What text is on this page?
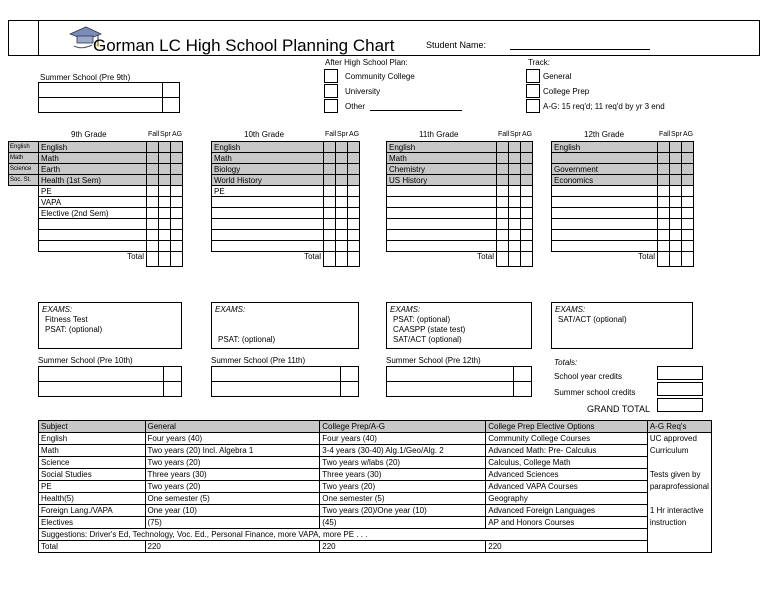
Gorman LC High School Planning Chart	Student Name:
After High School Plan:
Community College
University
Other
Track:
General
College Prep
A-G: 15 req'd; 11 req'd by yr 3 end
Summer School (Pre 9th)
English
Math
Science
Soc. St.
9th Grade	Fall Spr AG
English
Math
Earth
Health (1st Sem)
PE
VAPA
Elective (2nd Sem)
Total
EXAMS:
Fitness Test
PSAT: (optional)
Summer School (Pre 10th)
10th Grade	Fall Spr AG
English
Math
Biology
World History
PE
Total
EXAMS:
PSAT: (optional)
Summer School (Pre 11th)
11th Grade	Fall Spr AG
English
Math
Chemistry
US History
Total
EXAMS:
PSAT: (optional)
CAASPP (state test)
SAT/ACT (optional)
Summer School (Pre 12th)
12th Grade	Fall Spr AG
English
Government
Economics
Total
EXAMS:
SAT/ACT (optional)
Totals:
School year credits
Summer school credits
GRAND TOTAL
Subject	General	College Prep/A-G	College Prep Elective Options	A-G Req's
English	Four years (40)	Four years (40)	Community College Courses	UC approved
Math	Two years (20) Incl. Algebra 1	3-4 years (30-40) Alg.1/Geo/Alg. 2	Advanced Math: Pre- Calculus	Curriculum
Science	Two years (20)	Two years w/labs (20)	Calculus, College Math	
Social Studies	Three years (30)	Three years (30)	Advanced Sciences	Tests given by
PE	Two years (20)	Two years (20)	Advanced VAPA Courses	paraprofessional
Health(5)	One semester (5)	One semester (5)	Geography	
Foreign Lang./VAPA	One year (10)	Two years (20)/One year (10)	Advanced Foreign Languages	1 Hr interactive
Electives	(75)	(45)	AP and Honors Courses	instruction
Suggestions: Driver's Ed, Technology, Voc. Ed., Personal Finance, more VAPA, more PE . . .				
Total	220	220	220	
